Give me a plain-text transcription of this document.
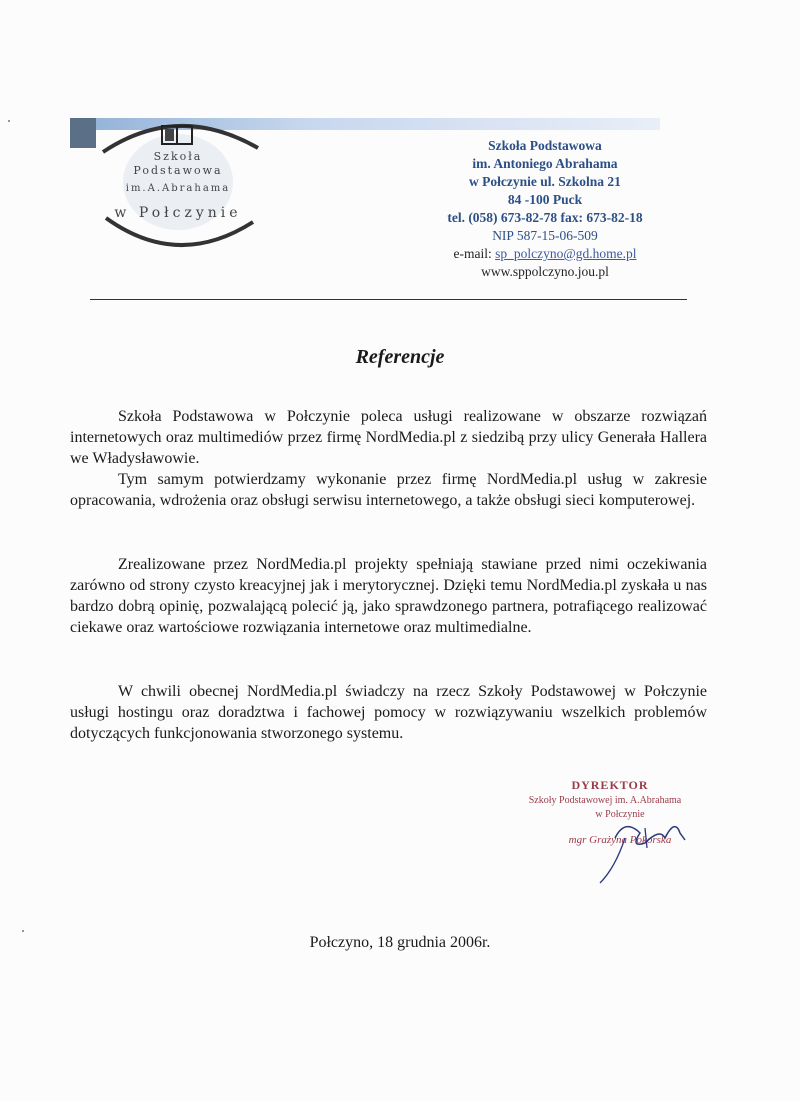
Szkoła
Podstawowa
im.A.Abrahama
w Połczynie
Szkoła Podstawowa
im. Antoniego Abrahama
w Połczynie ul. Szkolna 21
84 -100 Puck
tel. (058) 673-82-78 fax: 673-82-18
NIP 587-15-06-509
e-mail: sp_polczyno@gd.home.pl
www.sppolczyno.jou.pl
Referencje
Szkoła Podstawowa w Połczynie poleca usługi realizowane w obszarze rozwiązań internetowych oraz multimediów przez firmę NordMedia.pl z siedzibą przy ulicy Generała Hallera we Władysławowie.
Tym samym potwierdzamy wykonanie przez firmę NordMedia.pl usług w zakresie opracowania, wdrożenia oraz obsługi serwisu internetowego, a także obsługi sieci komputerowej.
Zrealizowane przez NordMedia.pl projekty spełniają stawiane przed nimi oczekiwania zarówno od strony czysto kreacyjnej jak i merytorycznej. Dzięki temu NordMedia.pl zyskała u nas bardzo dobrą opinię, pozwalającą polecić ją, jako sprawdzonego partnera, potrafiącego realizować ciekawe oraz wartościowe rozwiązania internetowe oraz multimedialne.
W chwili obecnej NordMedia.pl świadczy na rzecz Szkoły Podstawowej w Połczynie usługi hostingu oraz doradztwa i fachowej pomocy w rozwiązywaniu wszelkich problemów dotyczących funkcjonowania stworzonego systemu.
DYREKTOR
Szkoły Podstawowej im. A.Abrahama
w Połczynie
mgr Grażyna Pokorska
Połczyno, 18 grudnia 2006r.
